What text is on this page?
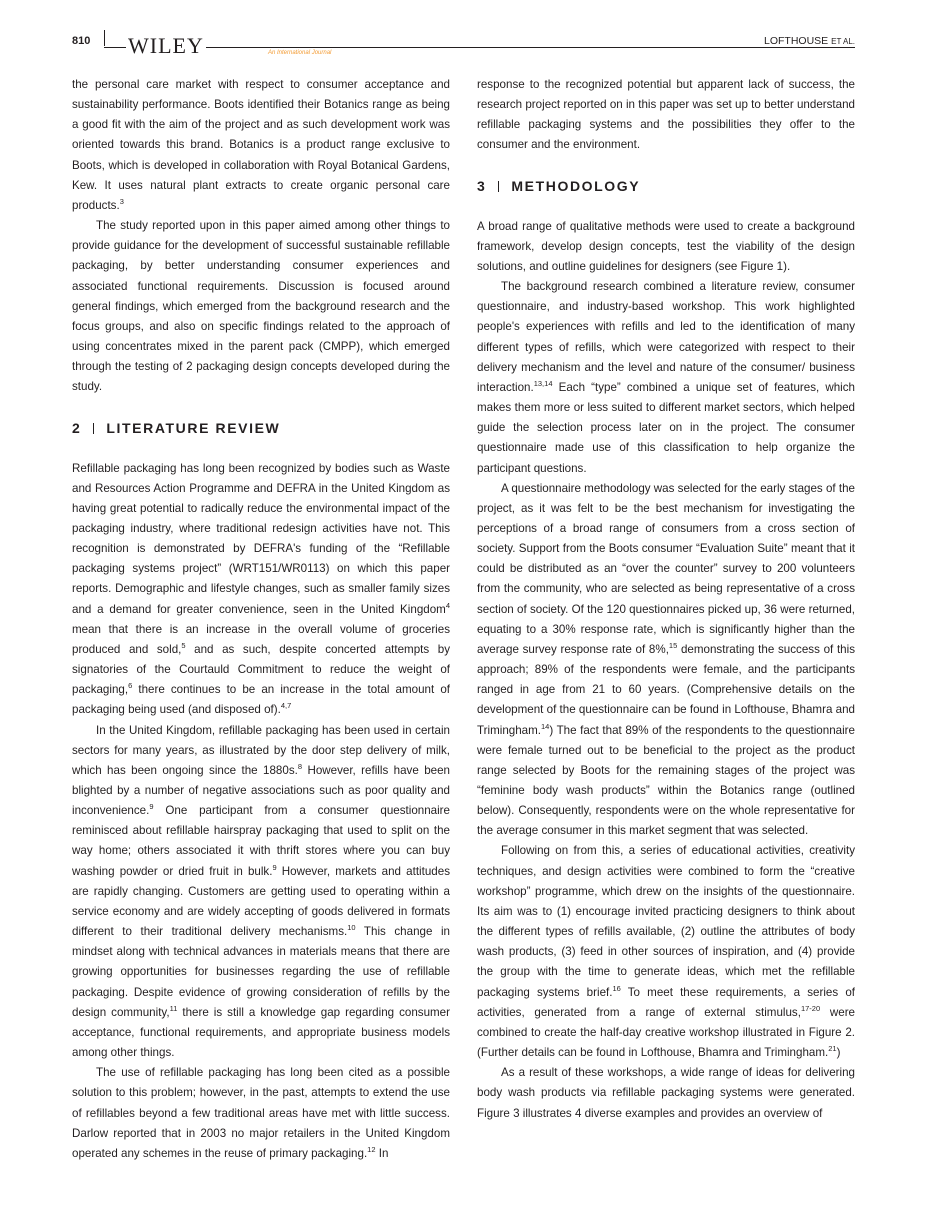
810 WILEY	An International Journal
LOFTHOUSE ET AL.

the personal care market with respect to consumer acceptance and sustainability performance. Boots identified their Botanics range as being a good fit with the aim of the project and as such development work was oriented towards this brand. Botanics is a product range exclusive to Boots, which is developed in collaboration with Royal Botanical Gardens, Kew. It uses natural plant extracts to create organic personal care products.$^3$

The study reported upon in this paper aimed among other things to provide guidance for the development of successful sustainable refillable packaging, by better understanding consumer experiences and associated functional requirements. Discussion is focused around general findings, which emerged from the background research and the focus groups, and also on specific findings related to the approach of using concentrates mixed in the parent pack (CMPP), which emerged through the testing of 2 packaging design concepts developed during the study.

2 LITERATURE REVIEW

Refillable packaging has long been recognized by bodies such as Waste and Resources Action Programme and DEFRA in the United Kingdom as having great potential to radically reduce the environmental impact of the packaging industry, where traditional redesign activities have not. This recognition is demonstrated by DEFRA's funding of the “Refillable packaging systems project” (WRT151/WR0113) on which this paper reports. Demographic and lifestyle changes, such as smaller family sizes and a demand for greater convenience, seen in the United Kingdom$^4$ mean that there is an increase in the overall volume of groceries produced and sold,$^5$ and as such, despite concerted attempts by signatories of the Courtauld Commitment to reduce the weight of packaging,$^6$ there continues to be an increase in the total amount of packaging being used (and disposed of).$^{4,7}$

In the United Kingdom, refillable packaging has been used in certain sectors for many years, as illustrated by the door step delivery of milk, which has been ongoing since the 1880s.$^8$ However, refills have been blighted by a number of negative associations such as poor quality and inconvenience.$^9$ One participant from a consumer questionnaire reminisced about refillable hairspray packaging that used to split on the way home; others associated it with thrift stores where you can buy washing powder or dried fruit in bulk.$^9$ However, markets and attitudes are rapidly changing. Customers are getting used to operating within a service economy and are widely accepting of goods delivered in formats different to their traditional delivery mechanisms.$^{10}$ This change in mindset along with technical advances in materials means that there are growing opportunities for businesses regarding the use of refillable packaging. Despite evidence of growing consideration of refills by the design community,$^{11}$ there is still a knowledge gap regarding consumer acceptance, functional requirements, and appropriate business models among other things.

The use of refillable packaging has long been cited as a possible solution to this problem; however, in the past, attempts to extend the use of refillables beyond a few traditional areas have met with little success. Darlow reported that in 2003 no major retailers in the United Kingdom operated any schemes in the reuse of primary packaging.$^{12}$ In

response to the recognized potential but apparent lack of success, the research project reported on in this paper was set up to better understand refillable packaging systems and the possibilities they offer to the consumer and the environment.

3 METHODOLOGY

A broad range of qualitative methods were used to create a background framework, develop design concepts, test the viability of the design solutions, and outline guidelines for designers (see Figure 1).

The background research combined a literature review, consumer questionnaire, and industry-based workshop. This work highlighted people's experiences with refills and led to the identification of many different types of refills, which were categorized with respect to their delivery mechanism and the level and nature of the consumer/ business interaction.$^{13,14}$ Each “type” combined a unique set of features, which makes them more or less suited to different market sectors, which helped guide the selection process later on in the project. The consumer questionnaire made use of this classification to help organize the participant questions.

A questionnaire methodology was selected for the early stages of the project, as it was felt to be the best mechanism for investigating the perceptions of a broad range of consumers from a cross section of society. Support from the Boots consumer “Evaluation Suite” meant that it could be distributed as an “over the counter” survey to 200 volunteers from the community, who are selected as being representative of a cross section of society. Of the 120 questionnaires picked up, 36 were returned, equating to a 30% response rate, which is significantly higher than the average survey response rate of 8%,$^{15}$ demonstrating the success of this approach; 89% of the respondents were female, and the participants ranged in age from 21 to 60 years. (Comprehensive details on the development of the questionnaire can be found in Lofthouse, Bhamra and Trimingham.$^{14}$) The fact that 89% of the respondents to the questionnaire were female turned out to be beneficial to the project as the product range selected by Boots for the remaining stages of the project was “feminine body wash products” within the Botanics range (outlined below). Consequently, respondents were on the whole representative for the average consumer in this market segment that was selected.

Following on from this, a series of educational activities, creativity techniques, and design activities were combined to form the “creative workshop” programme, which drew on the insights of the questionnaire. Its aim was to (1) encourage invited practicing designers to think about the different types of refills available, (2) outline the attributes of body wash products, (3) feed in other sources of inspiration, and (4) provide the group with the time to generate ideas, which met the refillable packaging systems brief.$^{16}$ To meet these requirements, a series of activities, generated from a range of external stimulus,$^{17-20}$ were combined to create the half-day creative workshop illustrated in Figure 2. (Further details can be found in Lofthouse, Bhamra and Trimingham.$^{21}$)

As a result of these workshops, a wide range of ideas for delivering body wash products via refillable packaging systems were generated. Figure 3 illustrates 4 diverse examples and provides an overview of
